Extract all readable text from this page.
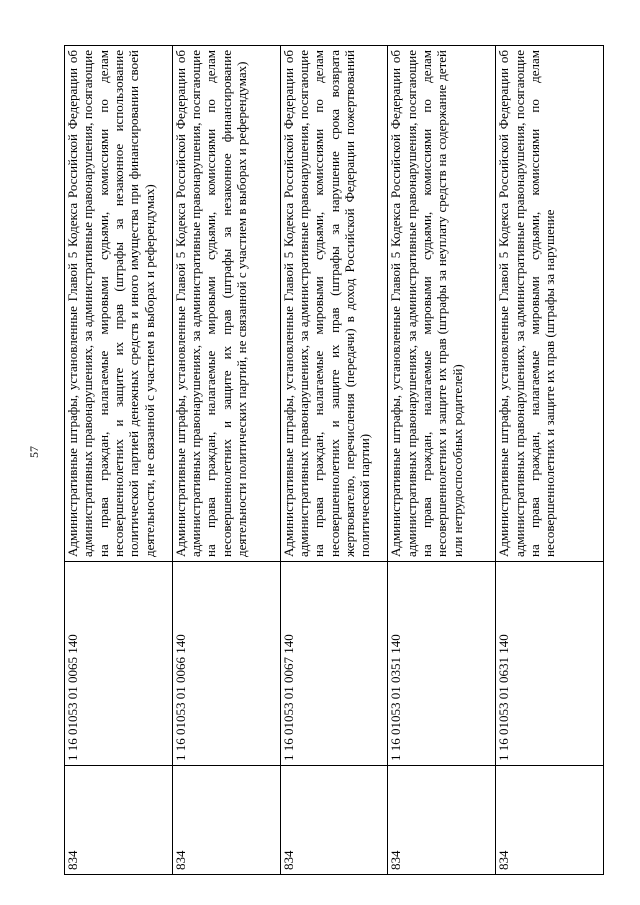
57
834	1 16 01053 01 0065 140	Административные штрафы, установленные Главой 5 Кодекса Российской Федерации об административных правонарушениях, за административные правонарушения, посягающие на права граждан, налагаемые мировыми судьями, комиссиями по делам несовершеннолетних и защите их прав (штрафы за незаконное использование политической партией денежных средств и иного имущества при финансировании своей деятельности, не связанной с участием в выборах и референдумах)
834	1 16 01053 01 0066 140	Административные штрафы, установленные Главой 5 Кодекса Российской Федерации об административных правонарушениях, за административные правонарушения, посягающие на права граждан, налагаемые мировыми судьями, комиссиями по делам несовершеннолетних и защите их прав (штрафы за незаконное финансирование деятельности политических партий, не связанной с участием в выборах и референдумах)
834	1 16 01053 01 0067 140	Административные штрафы, установленные Главой 5 Кодекса Российской Федерации об административных правонарушениях, за административные правонарушения, посягающие на права граждан, налагаемые мировыми судьями, комиссиями по делам несовершеннолетних и защите их прав (штрафы за нарушение срока возврата жертвователю, перечисления (передачи) в доход Российской Федерации пожертвований политической партии)
834	1 16 01053 01 0351 140	Административные штрафы, установленные Главой 5 Кодекса Российской Федерации об административных правонарушениях, за административные правонарушения, посягающие на права граждан, налагаемые мировыми судьями, комиссиями по делам несовершеннолетних и защите их прав (штрафы за неуплату средств на содержание детей или нетрудоспособных родителей)
834	1 16 01053 01 0631 140	Административные штрафы, установленные Главой 5 Кодекса Российской Федерации об административных правонарушениях, за административные правонарушения, посягающие на права граждан, налагаемые мировыми судьями, комиссиями по делам несовершеннолетних и защите их прав (штрафы за нарушение
